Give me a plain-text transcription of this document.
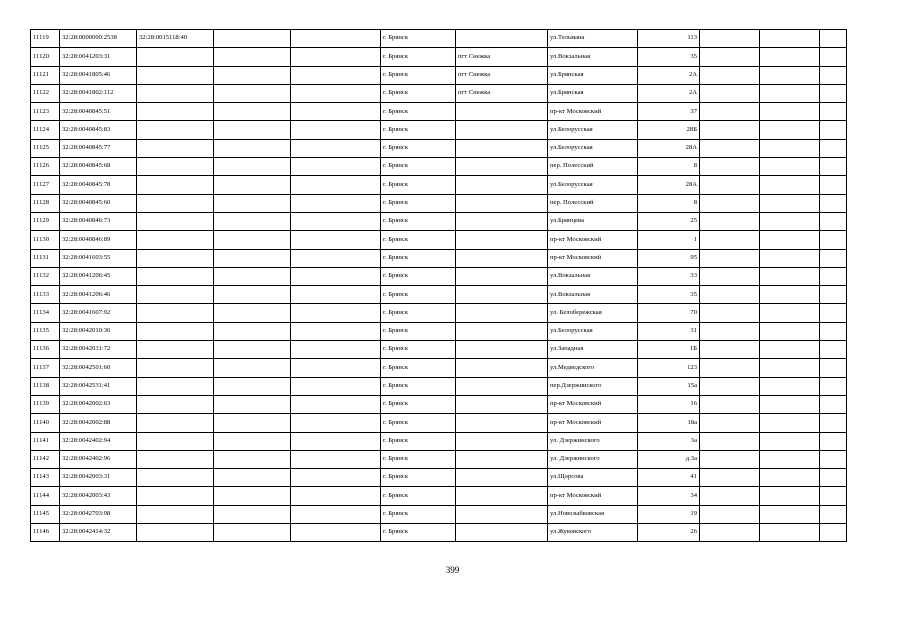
11119	32:28:0000000:2538	32:28:0015118:40			г. Брянск		ул.Тельмана	113			
11120	32:28:0041203:31				г. Брянск	пгт Снежка	ул.Вокзальная	35			
11121	32:28:0041805:46				г. Брянск	пгт Снежка	ул.Брянская	2А			
11122	32:28:0041802:112				г. Брянск	пгт Снежка	ул.Брянская	2А			
11123	32:28:0040845:51				г. Брянск		пр-кт Московский	37			
11124	32:28:0040845:83				г. Брянск		ул.Белорусская	28Б			
11125	32:28:0040845:77				г. Брянск		ул.Белорусская	28А			
11126	32:28:0040845:68				г. Брянск		пер. Полесский	8			
11127	32:28:0040845:78				г. Брянск		ул.Белорусская	28А			
11128	32:28:0040845:60				г. Брянск		пер. Полесский	8			
11129	32:28:0040846:73				г. Брянск		ул.Брянцева	25			
11130	32:28:0040846:89				г. Брянск		пр-кт Московский	1			
11131	32:28:0041603:55				г. Брянск		пр-кт Московский	95			
11132	32:28:0041206:45				г. Брянск		ул.Вокзальная	33			
11133	32:28:0041206:46				г. Брянск		ул.Вокзальная	35			
11134	32:28:0041607:92				г. Брянск		ул. Белобережская	70			
11135	32:28:0042010:36				г. Брянск		ул.Белорусская	31			
11136	32:28:0042031:72				г. Брянск		ул.Западная	1Б			
11137	32:28:0042501:60				г. Брянск		ул.Медведского	123			
11138	32:28:0042531:41				г. Брянск		пер.Дзержинского	15а			
11139	32:28:0042002:63				г. Брянск		пр-кт Московский	16			
11140	32:28:0042002:88				г. Брянск		пр-кт Московский	18а			
11141	32:28:0042402:94				г. Брянск		ул. Дзержинского	3а			
11142	32:28:0042402:96				г. Брянск		ул. Дзержинского	д.3а			
11143	32:28:0042003:31				г. Брянск		ул.Щорсова	41			
11144	32:28:0042003:43				г. Брянск		пр-кт Московский	34			
11145	32:28:0042703:98				г. Брянск		ул.Новозыбковская	19			
11146	32:28:0042414:32				г. Брянск		ул.Жуковского	26			
399
